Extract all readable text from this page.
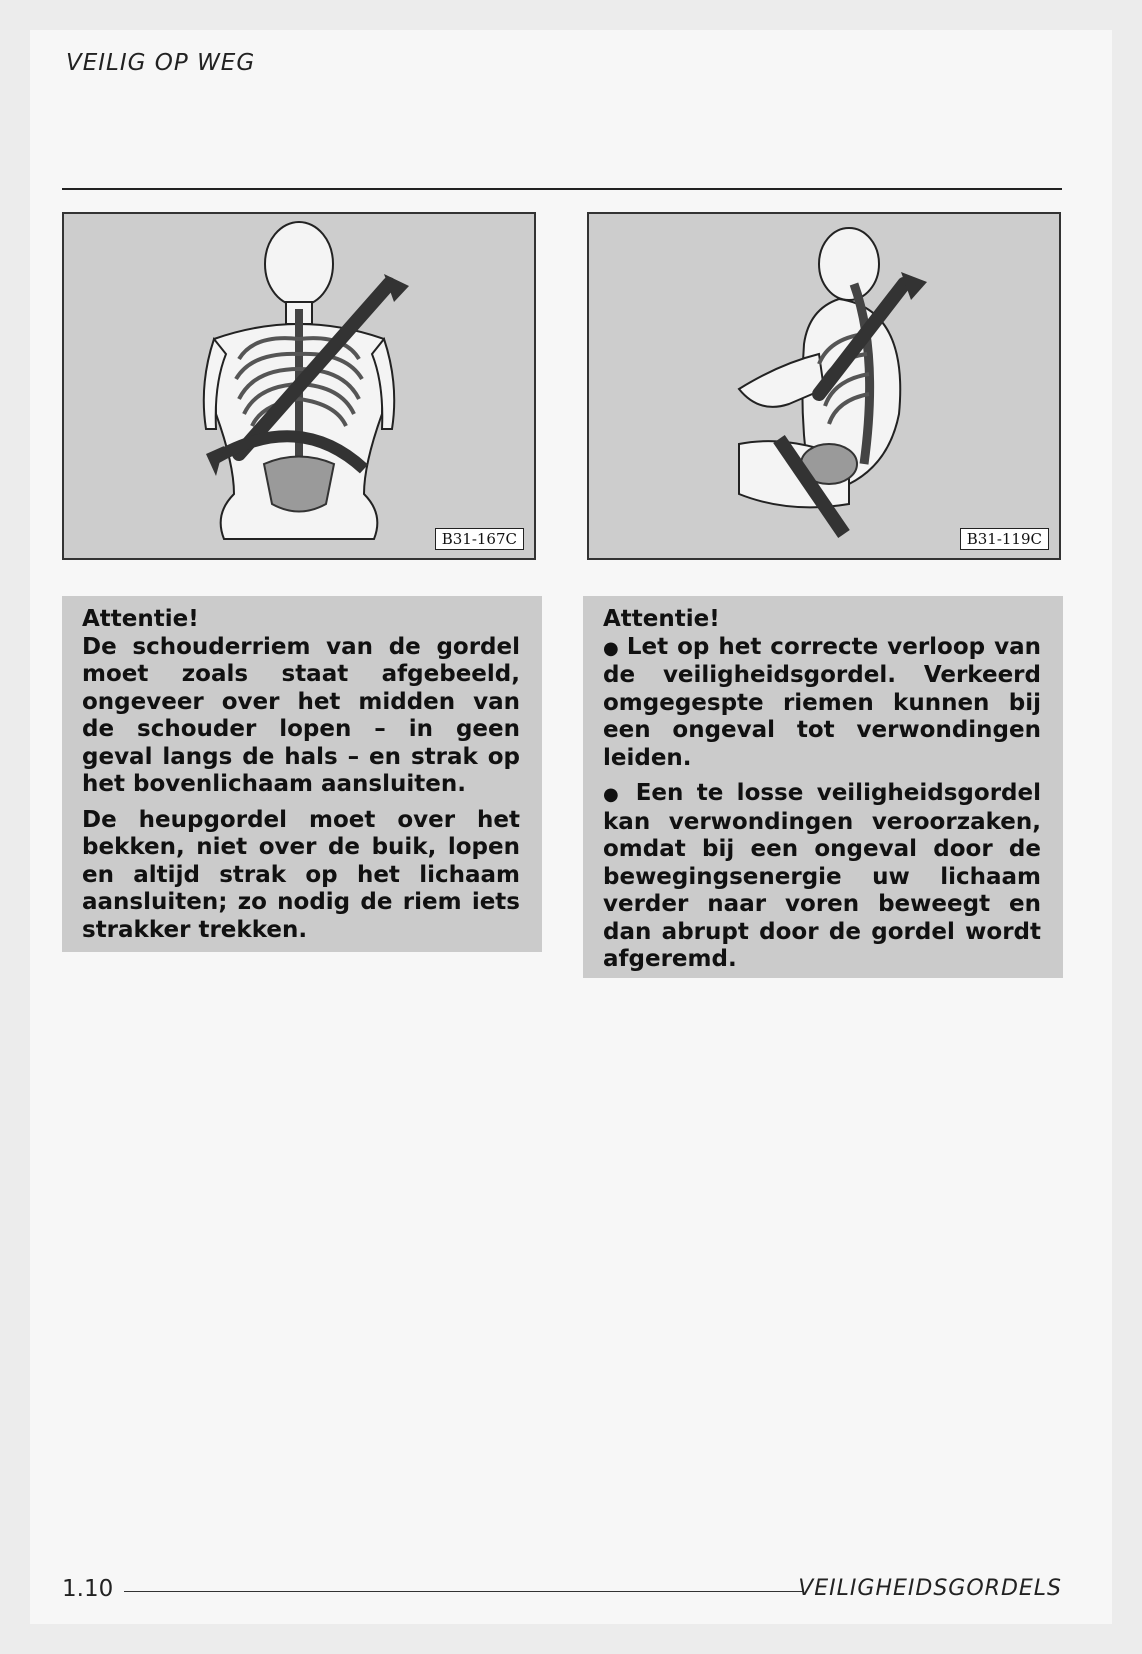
VEILIG OP WEG
B31-167C	B31-119C
Attentie!

De schouderriem van de gordel moet zoals staat afgebeeld, ongeveer over het midden van de schouder lopen – in geen geval langs de hals – en strak op het bovenlichaam aansluiten.

De heupgordel moet over het bekken, niet over de buik, lopen en altijd strak op het lichaam aansluiten; zo nodig de riem iets strakker trekken.

Attentie!

● Let op het correcte verloop van de veiligheidsgordel. Verkeerd omgegespte riemen kunnen bij een ongeval tot verwondingen leiden.

● Een te losse veiligheidsgordel kan verwondingen veroorzaken, omdat bij een ongeval door de bewegingsenergie uw lichaam verder naar voren beweegt en dan abrupt door de gordel wordt afgeremd.

1.10	VEILIGHEIDSGORDELS
